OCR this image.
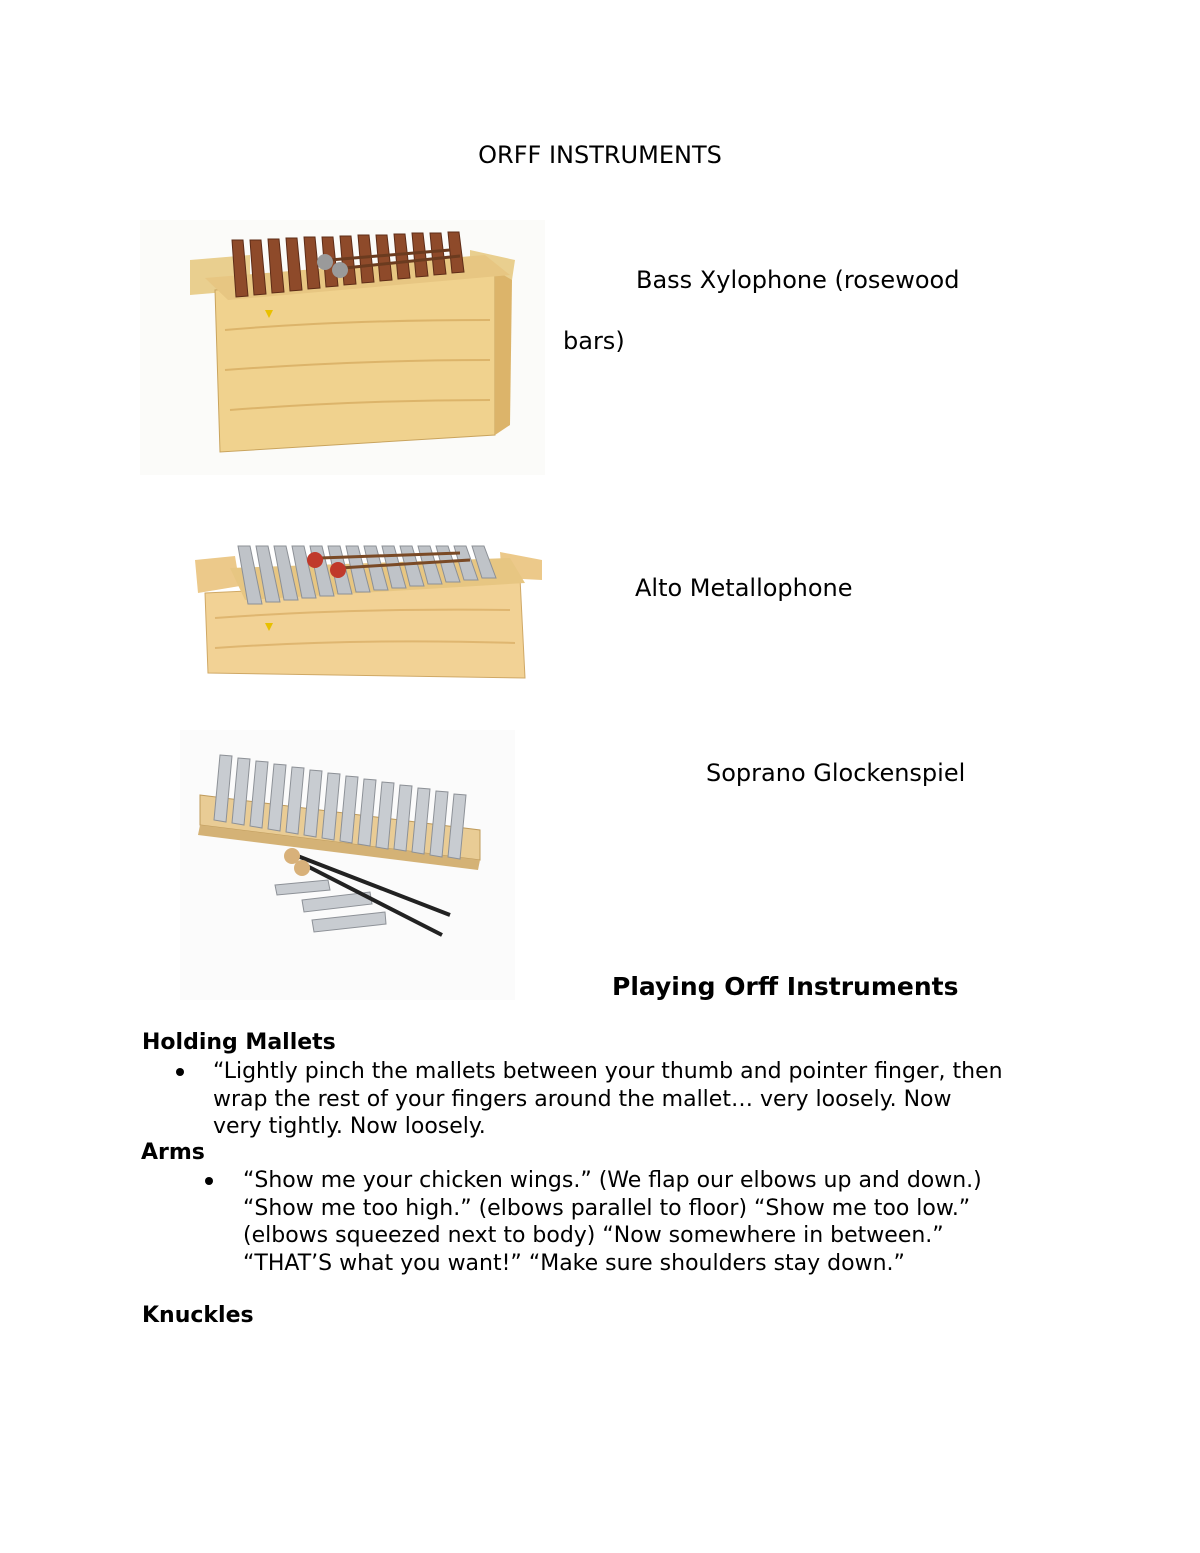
ORFF INSTRUMENTS
Bass Xylophone (rosewood
bars)
Alto Metallophone
Soprano Glockenspiel
Playing Orff Instruments
Holding Mallets
“Lightly pinch the mallets between your thumb and pointer finger, then
wrap the rest of your fingers around the mallet… very loosely. Now
very tightly. Now loosely.
Arms
“Show me your chicken wings.” (We flap our elbows up and down.)
“Show me too high.” (elbows parallel to floor) “Show me too low.”
(elbows squeezed next to body) “Now somewhere in between.”
“THAT’S what you want!” “Make sure shoulders stay down.”
Knuckles
